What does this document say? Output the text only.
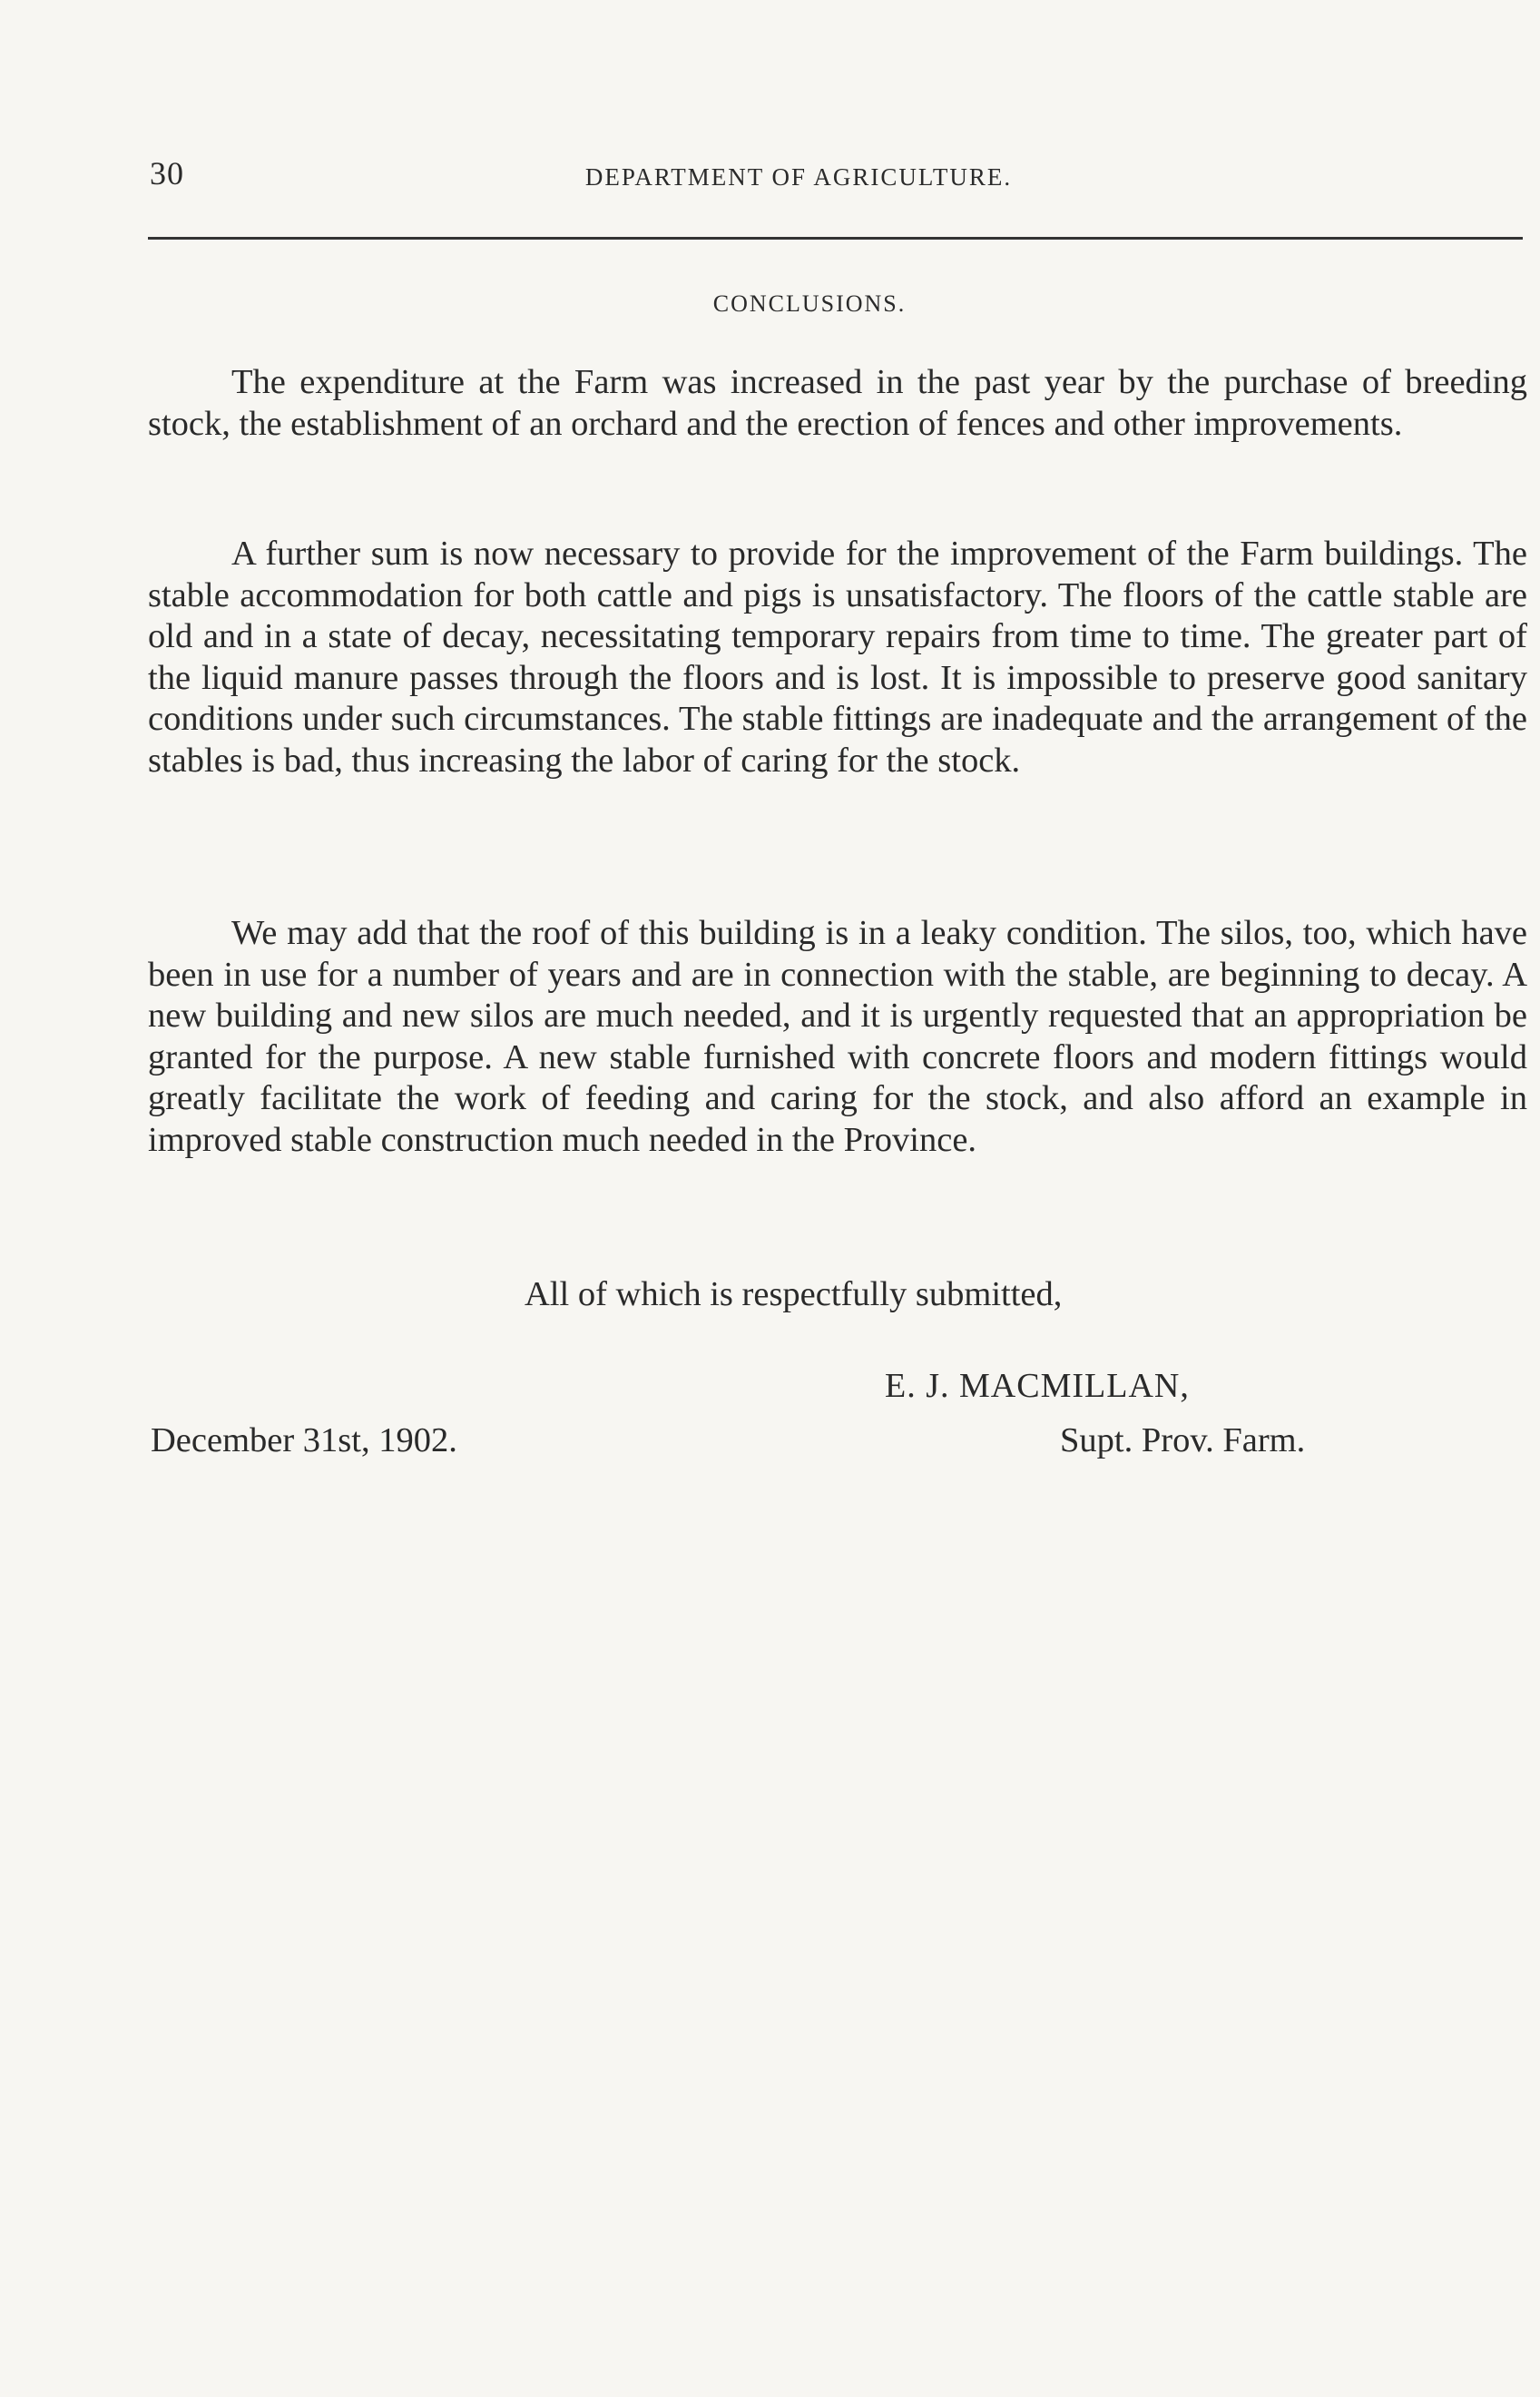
30	DEPARTMENT OF AGRICULTURE.
CONCLUSIONS.

The expenditure at the Farm was increased in the past year by the purchase of breeding stock, the establishment of an orchard and the erection of fences and other improvements.

A further sum is now necessary to provide for the improvement of the Farm buildings. The stable accommodation for both cattle and pigs is unsatisfactory. The floors of the cattle stable are old and in a state of decay, necessitating temporary repairs from time to time. The greater part of the liquid manure passes through the floors and is lost. It is impossible to preserve good sanitary conditions under such circumstances. The stable fittings are inadequate and the arrangement of the stables is bad, thus increasing the labor of caring for the stock.

We may add that the roof of this building is in a leaky condition. The silos, too, which have been in use for a number of years and are in connection with the stable, are beginning to decay. A new building and new silos are much needed, and it is urgently requested that an appropriation be granted for the purpose. A new stable furnished with concrete floors and modern fittings would greatly facilitate the work of feeding and caring for the stock, and also afford an example in improved stable construction much needed in the Province.

All of which is respectfully submitted,
E. J. MACMILLAN,
December 31st, 1902.	Supt. Prov. Farm.
